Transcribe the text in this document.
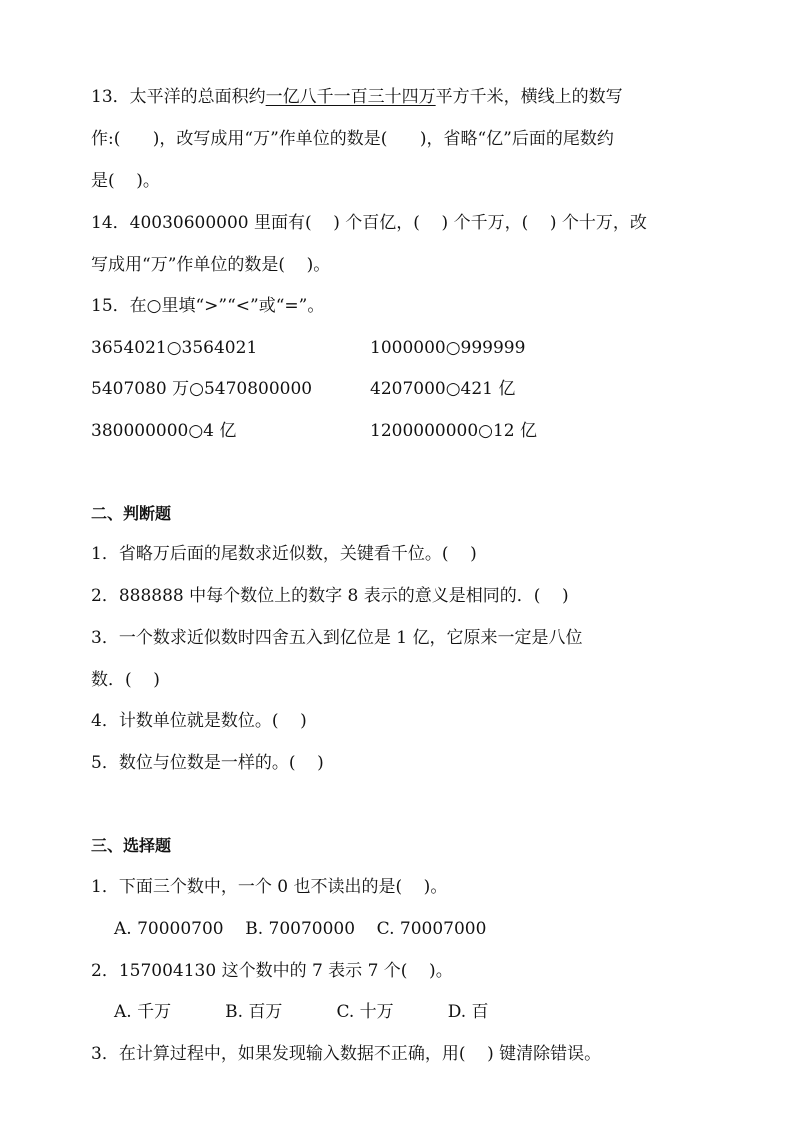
13．太平洋的总面积约一亿八千一百三十四万平方千米，横线上的数写
作:(      )，改写成用“万”作单位的数是(      )，省略“亿”后面的尾数约
是(    )。
14．40030600000 里面有(    ) 个百亿，(    ) 个千万，(    ) 个十万，改
写成用“万”作单位的数是(    )。
15．在○里填“>”“<”或“=”。
3654021○3564021	1000000○999999
5407080 万○5470800000	4207000○421 亿
380000000○4 亿	1200000000○12 亿
二、判断题
1．省略万后面的尾数求近似数，关键看千位。(    )
2．888888 中每个数位上的数字 8 表示的意义是相同的．(    )
3．一个数求近似数时四舍五入到亿位是 1 亿，它原来一定是八位
数．(    )
4．计数单位就是数位。(    )
5．数位与位数是一样的。(    )
三、选择题
1．下面三个数中，一个 0 也不读出的是(    )。
A. 70000700    B. 70070000    C. 70007000
2．157004130 这个数中的 7 表示 7 个(    )。
A. 千万          B. 百万          C. 十万          D. 百
3．在计算过程中，如果发现输入数据不正确，用(    ) 键清除错误。
